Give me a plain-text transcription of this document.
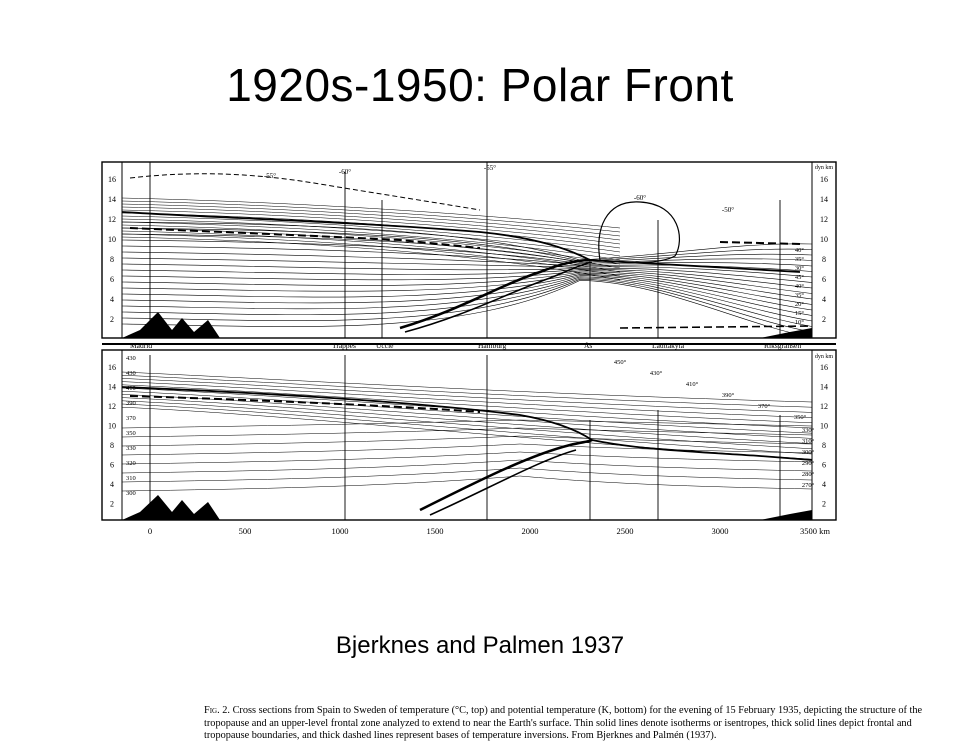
1920s-1950: Polar Front
16	16
16	16
14	14
14	14
12	12
12	12
10	10
10	10
8	8
8	8
6	6
6	6
4	4
4	4
2	2
2	2
dyn km
dyn km
Madrid	Trappes	Uccle	Hamburg	Ås	Lauttakylä	Riksgränsen
0	500	1000	1500	2000	2500	3000	3500 km
-55°	-60°	-55°
-60°
-50°
40°
35°
30°
45°
40°
35°
20°
15°
10°
450°
430°
410°
390°
370°
350°
330°
310°
300°
290°
280°
270°
430
430
410
390
370
350
330
320
310
300
Fig. 2. Cross sections from Spain to Sweden of temperature (°C, top) and potential temperature (K, bottom) for the evening of 15 February 1935, depicting the structure of the tropopause and an upper-level frontal zone analyzed to extend to near the Earth's surface. Thin solid lines denote isotherms or isentropes, thick solid lines depict frontal and tropopause boundaries, and thick dashed lines represent bases of temperature inversions. From Bjerknes and Palmén (1937).
Bjerknes and Palmen 1937
